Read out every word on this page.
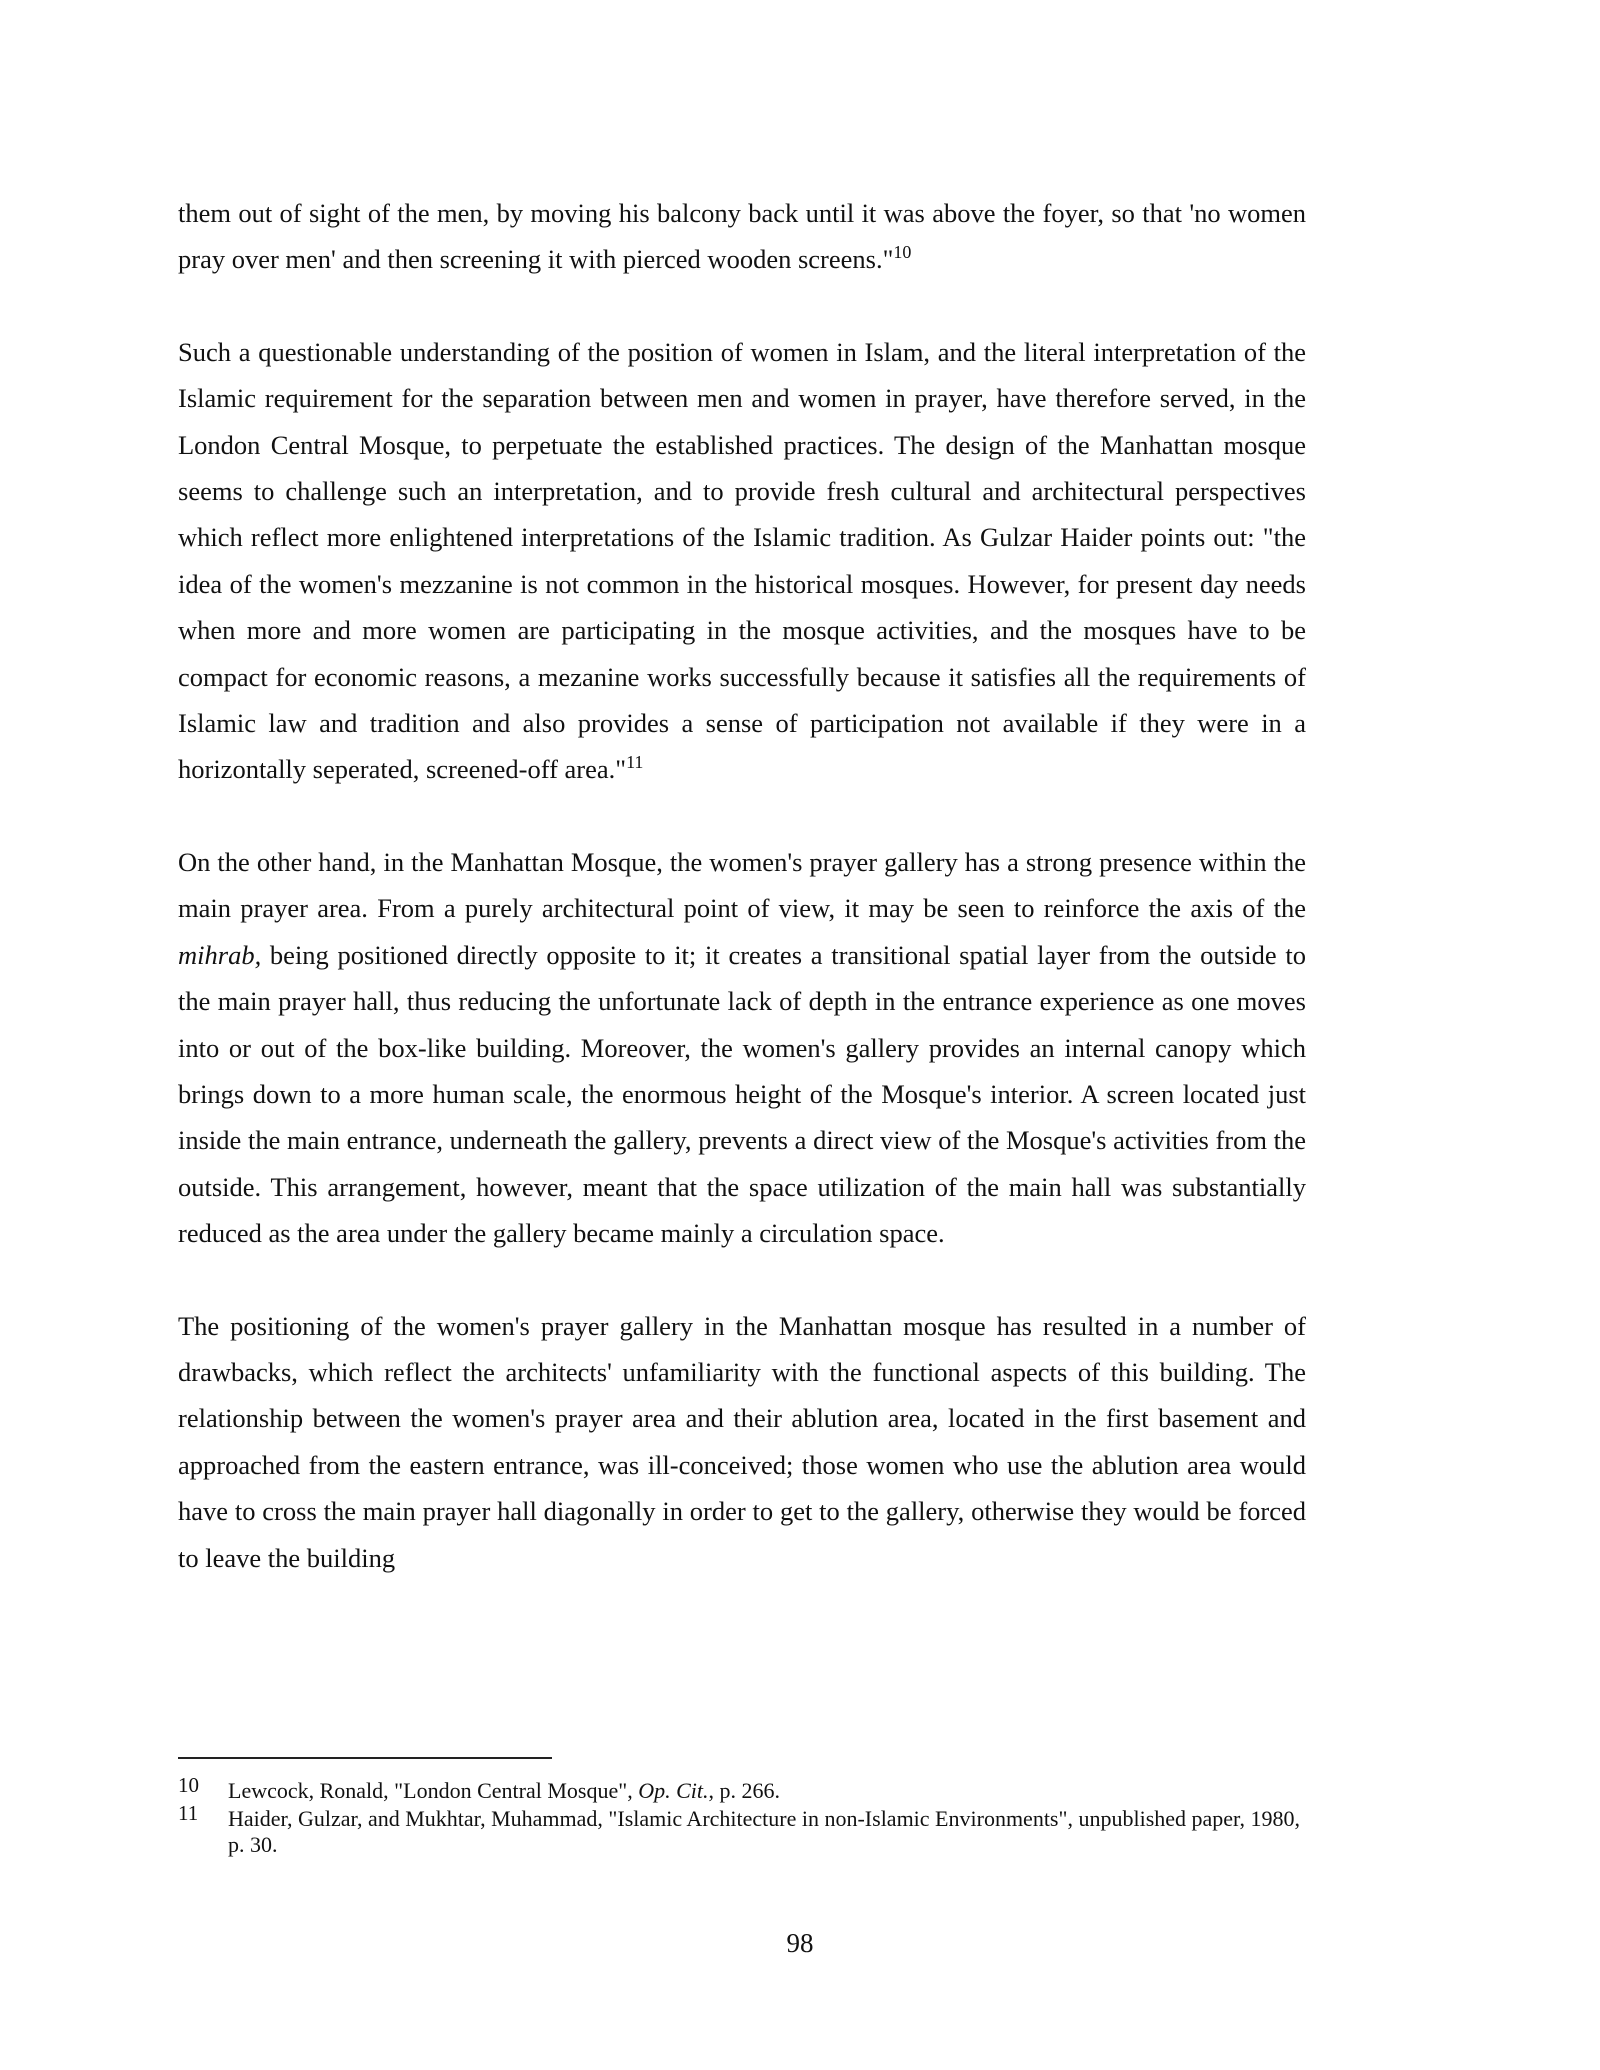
them out of sight of the men, by moving his balcony back until it was above the foyer, so that 'no women pray over men' and then screening it with pierced wooden screens."$^{10}$

Such a questionable understanding of the position of women in Islam, and the literal interpretation of the Islamic requirement for the separation between men and women in prayer, have therefore served, in the London Central Mosque, to perpetuate the established practices. The design of the Manhattan mosque seems to challenge such an interpretation, and to provide fresh cultural and architectural perspectives which reflect more enlightened interpretations of the Islamic tradition. As Gulzar Haider points out: "the idea of the women's mezzanine is not common in the historical mosques. However, for present day needs when more and more women are participating in the mosque activities, and the mosques have to be compact for economic reasons, a mezanine works successfully because it satisfies all the requirements of Islamic law and tradition and also provides a sense of participation not available if they were in a horizontally seperated, screened-off area."$^{11}$

On the other hand, in the Manhattan Mosque, the women's prayer gallery has a strong presence within the main prayer area. From a purely architectural point of view, it may be seen to reinforce the axis of the mihrab, being positioned directly opposite to it; it creates a transitional spatial layer from the outside to the main prayer hall, thus reducing the unfortunate lack of depth in the entrance experience as one moves into or out of the box-like building. Moreover, the women's gallery provides an internal canopy which brings down to a more human scale, the enormous height of the Mosque's interior. A screen located just inside the main entrance, underneath the gallery, prevents a direct view of the Mosque's activities from the outside. This arrangement, however, meant that the space utilization of the main hall was substantially reduced as the area under the gallery became mainly a circulation space.

The positioning of the women's prayer gallery in the Manhattan mosque has resulted in a number of drawbacks, which reflect the architects' unfamiliarity with the functional aspects of this building. The relationship between the women's prayer area and their ablution area, located in the first basement and approached from the eastern entrance, was ill-conceived; those women who use the ablution area would have to cross the main prayer hall diagonally in order to get to the gallery, otherwise they would be forced to leave the building

10	Lewcock, Ronald, "London Central Mosque", Op. Cit., p. 266.
11	Haider, Gulzar, and Mukhtar, Muhammad, "Islamic Architecture in non-Islamic Environments", unpublished paper, 1980, p. 30.
98
